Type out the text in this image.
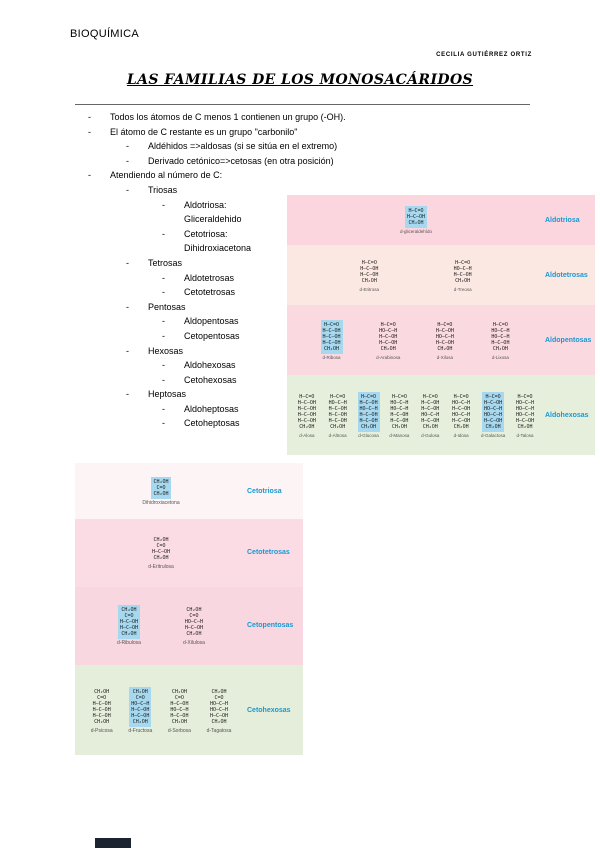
BIOQUÍMICA
CECILIA GUTIÉRREZ ORTIZ
LAS FAMILIAS DE LOS MONOSACÁRIDOS
- Todos los átomos de C menos 1 contienen un grupo (-OH).
- El átomo de C restante es un grupo "carbonilo"
- Aldéhidos =>aldosas (si se sitúa en el extremo)
- Derivado cetónico=>cetosas (en otra posición)
- Atendiendo al número de C:
- Triosas
- Aldotriosa:
Gliceraldehido
- Cetotriosa:
Dihidroxiacetona
- Tetrosas
- Aldotetrosas
- Cetotetrosas
- Pentosas
- Aldopentosas
- Cetopentosas
- Hexosas
- Aldohexosas
- Cetohexosas
- Heptosas
- Aldoheptosas
- Cetoheptosas
H–C=O
H–C–OH
CH₂OH
d-gliceraldehído
Aldotriosa
H–C=O
H–C–OH
H–C–OH
CH₂OH
d-Eritrosa
H–C=O
HO–C–H
H–C–OH
CH₂OH
d-Treosa
Aldotetrosas
H–C=O
H–C–OH
H–C–OH
H–C–OH
CH₂OH
d-Ribosa
H–C=O
HO–C–H
H–C–OH
H–C–OH
CH₂OH
d-Arabinosa
H–C=O
H–C–OH
HO–C–H
H–C–OH
CH₂OH
d-Xilosa
H–C=O
HO–C–H
HO–C–H
H–C–OH
CH₂OH
d-Lixosa
Aldopentosas
H–C=O
H–C–OH
H–C–OH
H–C–OH
H–C–OH
CH₂OH
d-Alosa
H–C=O
HO–C–H
H–C–OH
H–C–OH
H–C–OH
CH₂OH
d-Altrosa
H–C=O
H–C–OH
HO–C–H
H–C–OH
H–C–OH
CH₂OH
d-Glucosa
H–C=O
HO–C–H
HO–C–H
H–C–OH
H–C–OH
CH₂OH
d-Manosa
H–C=O
H–C–OH
H–C–OH
HO–C–H
H–C–OH
CH₂OH
d-Gulosa
H–C=O
HO–C–H
H–C–OH
HO–C–H
H–C–OH
CH₂OH
d-Idosa
H–C=O
H–C–OH
HO–C–H
HO–C–H
H–C–OH
CH₂OH
d-Galactosa
H–C=O
HO–C–H
HO–C–H
HO–C–H
H–C–OH
CH₂OH
d-Talosa
Aldohexosas
CH₂OH
C=O
CH₂OH
Dihidroxiacetona
Cetotriosa
CH₂OH
C=O
H–C–OH
CH₂OH
d-Eritrulosa
Cetotetrosas
CH₂OH
C=O
H–C–OH
H–C–OH
CH₂OH
d-Ribulosa
CH₂OH
C=O
HO–C–H
H–C–OH
CH₂OH
d-Xilulosa
Cetopentosas
CH₂OH
C=O
H–C–OH
H–C–OH
H–C–OH
CH₂OH
d-Psicosa
CH₂OH
C=O
HO–C–H
H–C–OH
H–C–OH
CH₂OH
d-Fructosa
CH₂OH
C=O
H–C–OH
HO–C–H
H–C–OH
CH₂OH
d-Sorbosa
CH₂OH
C=O
HO–C–H
HO–C–H
H–C–OH
CH₂OH
d-Tagatosa
Cetohexosas
